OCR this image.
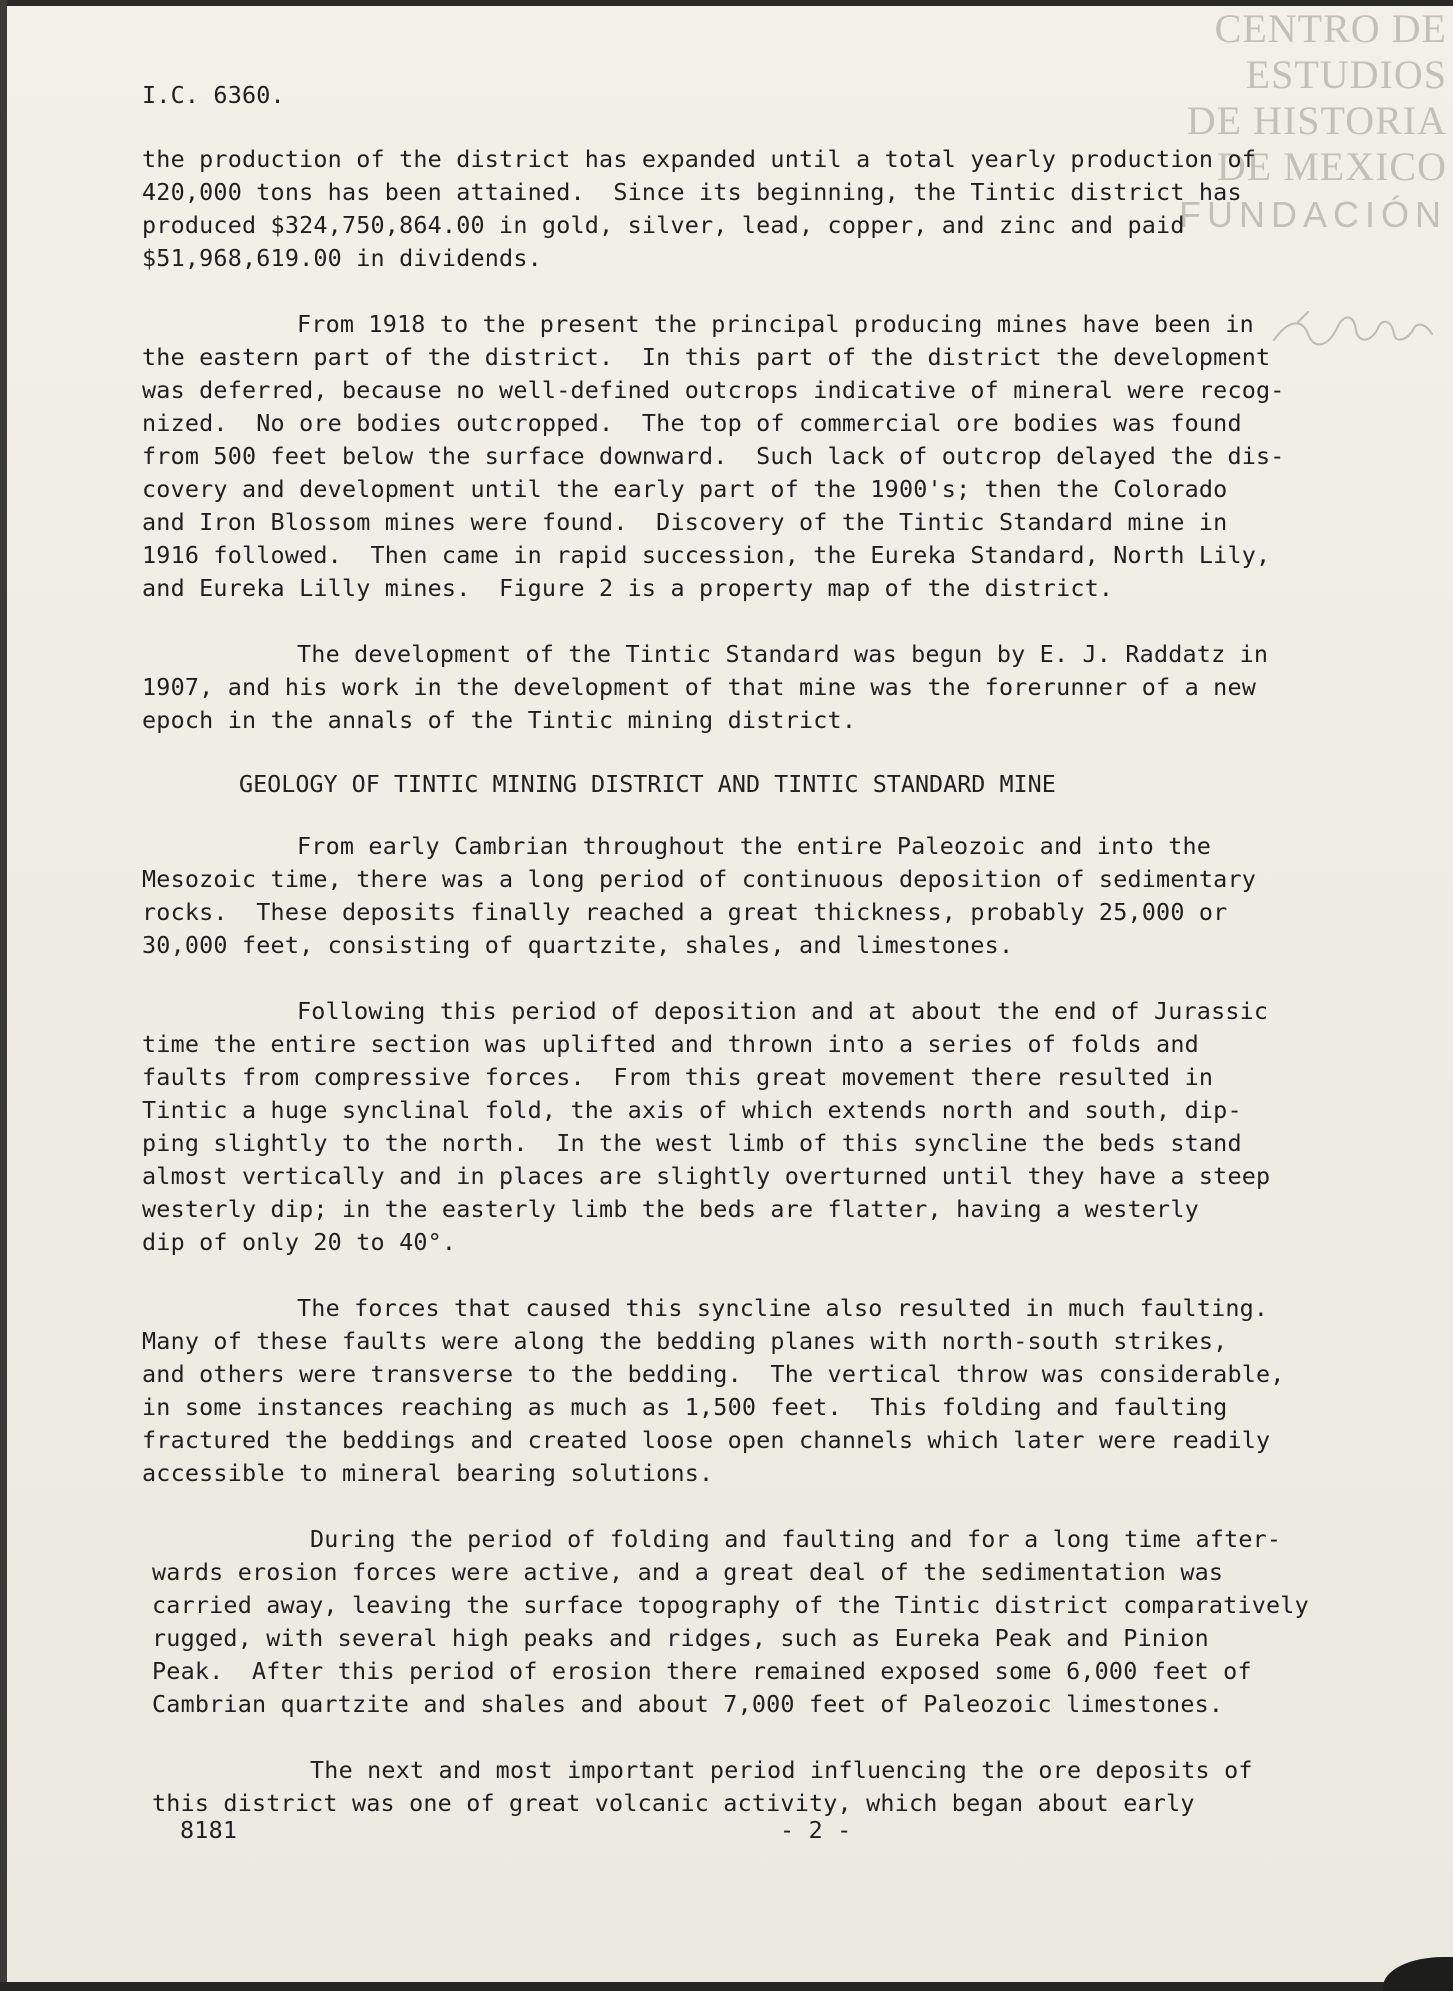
CENTRO DE
ESTUDIOS
DE HISTORIA
DE MEXICO
FUNDACIÓN
I.C. 6360.
the production of the district has expanded until a total yearly production of
420,000 tons has been attained.  Since its beginning, the Tintic district has
produced $324,750,864.00 in gold, silver, lead, copper, and zinc and paid
$51,968,619.00 in dividends.
From 1918 to the present the principal producing mines have been in
the eastern part of the district.  In this part of the district the development
was deferred, because no well-defined outcrops indicative of mineral were recog-
nized.  No ore bodies outcropped.  The top of commercial ore bodies was found
from 500 feet below the surface downward.  Such lack of outcrop delayed the dis-
covery and development until the early part of the 1900's; then the Colorado
and Iron Blossom mines were found.  Discovery of the Tintic Standard mine in
1916 followed.  Then came in rapid succession, the Eureka Standard, North Lily,
and Eureka Lilly mines.  Figure 2 is a property map of the district.
The development of the Tintic Standard was begun by E. J. Raddatz in
1907, and his work in the development of that mine was the forerunner of a new
epoch in the annals of the Tintic mining district.
GEOLOGY OF TINTIC MINING DISTRICT AND TINTIC STANDARD MINE
From early Cambrian throughout the entire Paleozoic and into the
Mesozoic time, there was a long period of continuous deposition of sedimentary
rocks.  These deposits finally reached a great thickness, probably 25,000 or
30,000 feet, consisting of quartzite, shales, and limestones.
Following this period of deposition and at about the end of Jurassic
time the entire section was uplifted and thrown into a series of folds and
faults from compressive forces.  From this great movement there resulted in
Tintic a huge synclinal fold, the axis of which extends north and south, dip-
ping slightly to the north.  In the west limb of this syncline the beds stand
almost vertically and in places are slightly overturned until they have a steep
westerly dip; in the easterly limb the beds are flatter, having a westerly
dip of only 20 to 40°.
The forces that caused this syncline also resulted in much faulting.
Many of these faults were along the bedding planes with north-south strikes,
and others were transverse to the bedding.  The vertical throw was considerable,
in some instances reaching as much as 1,500 feet.  This folding and faulting
fractured the beddings and created loose open channels which later were readily
accessible to mineral bearing solutions.
During the period of folding and faulting and for a long time after-
wards erosion forces were active, and a great deal of the sedimentation was
carried away, leaving the surface topography of the Tintic district comparatively
rugged, with several high peaks and ridges, such as Eureka Peak and Pinion
Peak.  After this period of erosion there remained exposed some 6,000 feet of
Cambrian quartzite and shales and about 7,000 feet of Paleozoic limestones.
The next and most important period influencing the ore deposits of
this district was one of great volcanic activity, which began about early
8181	- 2 -
